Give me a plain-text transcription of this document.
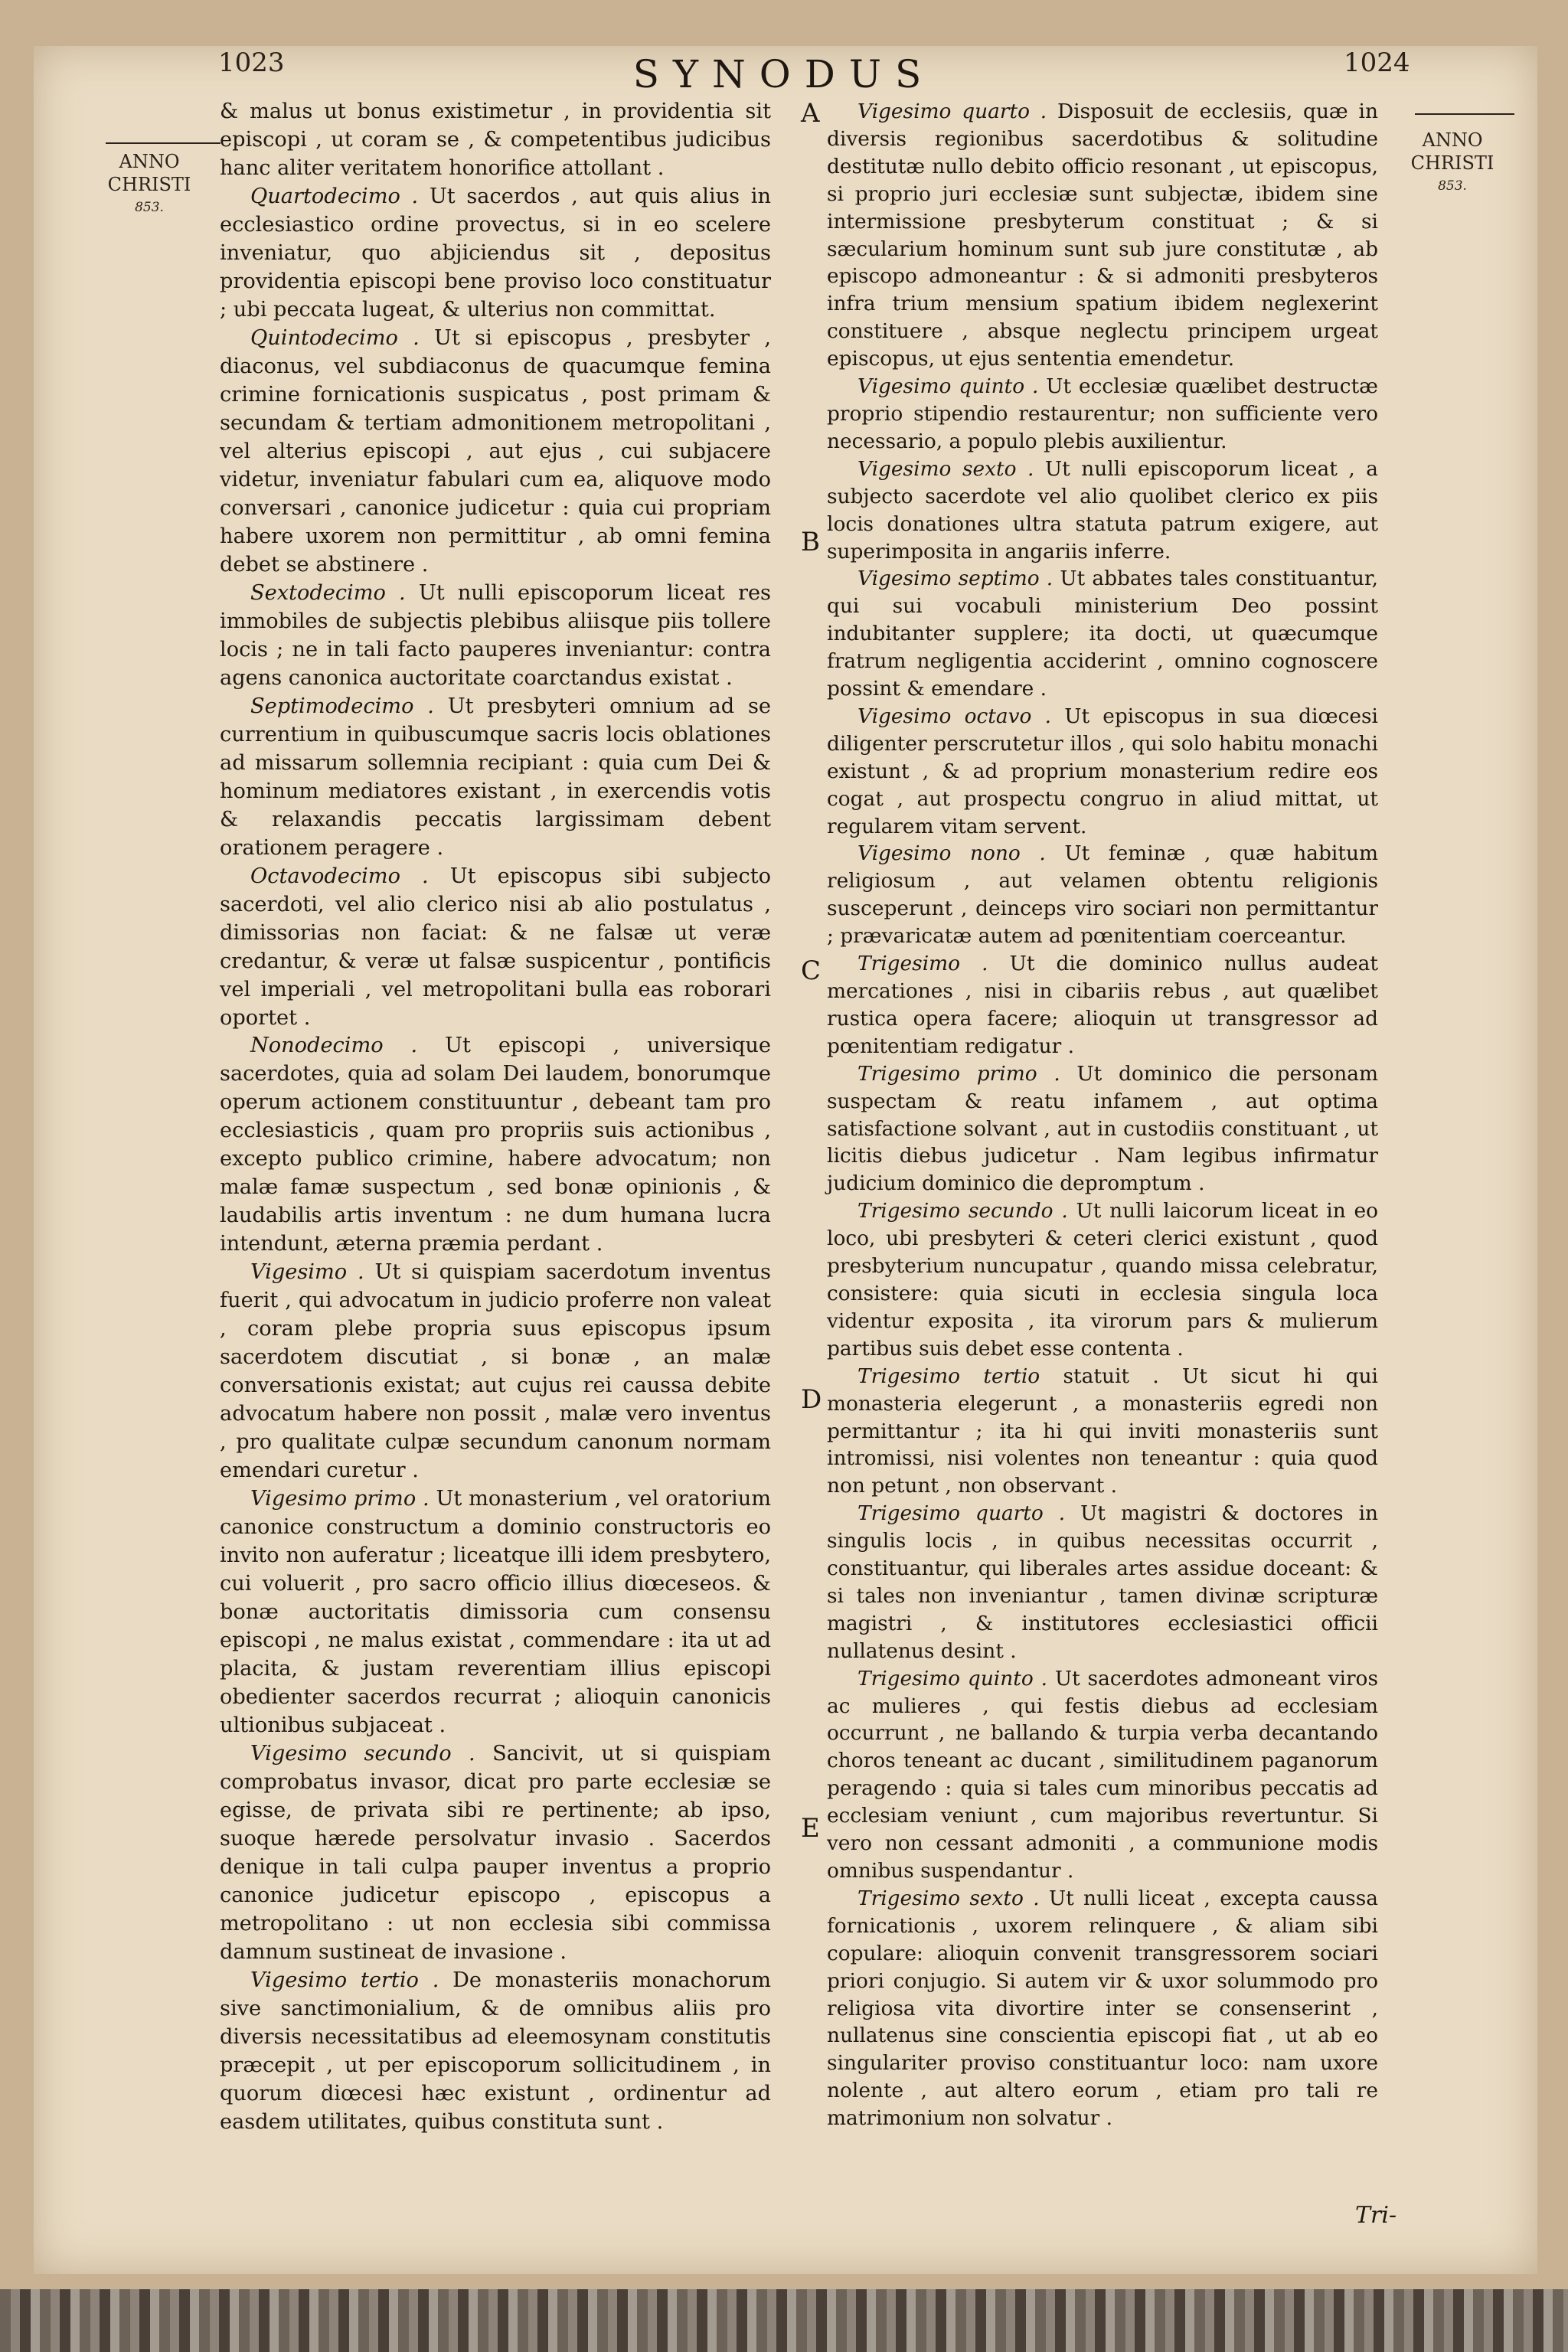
1023	SYNODUS	1024
ANNO
CHRISTI
853.
ANNO
CHRISTI
853.
A
B
C
D
E

& malus ut bonus existimetur , in providentia sit episcopi , ut coram se , & competentibus judicibus hanc aliter veritatem honorifice attollant .

Quartodecimo . Ut sacerdos , aut quis alius in ecclesiastico ordine provectus, si in eo scelere inveniatur, quo abjiciendus sit , depositus providentia episcopi bene proviso loco constituatur ; ubi peccata lugeat, & ulterius non committat.

Quintodecimo . Ut si episcopus , presbyter , diaconus, vel subdiaconus de quacumque femina crimine fornicationis suspicatus , post primam & secundam & tertiam admonitionem metropolitani , vel alterius episcopi , aut ejus , cui subjacere videtur, inveniatur fabulari cum ea, aliquove modo conversari , canonice judicetur : quia cui propriam habere uxorem non permittitur , ab omni femina debet se abstinere .

Sextodecimo . Ut nulli episcoporum liceat res immobiles de subjectis plebibus aliisque piis tollere locis ; ne in tali facto pauperes inveniantur: contra agens canonica auctoritate coarctandus existat .

Septimodecimo . Ut presbyteri omnium ad se currentium in quibuscumque sacris locis oblationes ad missarum sollemnia recipiant : quia cum Dei & hominum mediatores existant , in exercendis votis & relaxandis peccatis largissimam debent orationem peragere .

Octavodecimo . Ut episcopus sibi subjecto sacerdoti, vel alio clerico nisi ab alio postulatus , dimissorias non faciat: & ne falsæ ut veræ credantur, & veræ ut falsæ suspicentur , pontificis vel imperiali , vel metropolitani bulla eas roborari oportet .

Nonodecimo . Ut episcopi , universique sacerdotes, quia ad solam Dei laudem, bonorumque operum actionem constituuntur , debeant tam pro ecclesiasticis , quam pro propriis suis actionibus , excepto publico crimine, habere advocatum; non malæ famæ suspectum , sed bonæ opinionis , & laudabilis artis inventum : ne dum humana lucra intendunt, æterna præmia perdant .

Vigesimo . Ut si quispiam sacerdotum inventus fuerit , qui advocatum in judicio proferre non valeat , coram plebe propria suus episcopus ipsum sacerdotem discutiat , si bonæ , an malæ conversationis existat; aut cujus rei caussa debite advocatum habere non possit , malæ vero inventus , pro qualitate culpæ secundum canonum normam emendari curetur .

Vigesimo primo . Ut monasterium , vel oratorium canonice constructum a dominio constructoris eo invito non auferatur ; liceatque illi idem presbytero, cui voluerit , pro sacro officio illius diœceseos. & bonæ auctoritatis dimissoria cum consensu episcopi , ne malus existat , commendare : ita ut ad placita, & justam reverentiam illius episcopi obedienter sacerdos recurrat ; alioquin canonicis ultionibus subjaceat .

Vigesimo secundo . Sancivit, ut si quispiam comprobatus invasor, dicat pro parte ecclesiæ se egisse, de privata sibi re pertinente; ab ipso, suoque hærede persolvatur invasio . Sacerdos denique in tali culpa pauper inventus a proprio canonice judicetur episcopo , episcopus a metropolitano : ut non ecclesia sibi commissa damnum sustineat de invasione .

Vigesimo tertio . De monasteriis monachorum sive sanctimonialium, & de omnibus aliis pro diversis necessitatibus ad eleemosynam constitutis præcepit , ut per episcoporum sollicitudinem , in quorum diœcesi hæc existunt , ordinentur ad easdem utilitates, quibus constituta sunt .

Vigesimo quarto . Disposuit de ecclesiis, quæ in diversis regionibus sacerdotibus & solitudine destitutæ nullo debito officio resonant , ut episcopus, si proprio juri ecclesiæ sunt subjectæ, ibidem sine intermissione presbyterum constituat ; & si sæcularium hominum sunt sub jure constitutæ , ab episcopo admoneantur : & si admoniti presbyteros infra trium mensium spatium ibidem neglexerint constituere , absque neglectu principem urgeat episcopus, ut ejus sententia emendetur.

Vigesimo quinto . Ut ecclesiæ quælibet destructæ proprio stipendio restaurentur; non sufficiente vero necessario, a populo plebis auxilientur.

Vigesimo sexto . Ut nulli episcoporum liceat , a subjecto sacerdote vel alio quolibet clerico ex piis locis donationes ultra statuta patrum exigere, aut superimposita in angariis inferre.

Vigesimo septimo . Ut abbates tales constituantur, qui sui vocabuli ministerium Deo possint indubitanter supplere; ita docti, ut quæcumque fratrum negligentia acciderint , omnino cognoscere possint & emendare .

Vigesimo octavo . Ut episcopus in sua diœcesi diligenter perscrutetur illos , qui solo habitu monachi existunt , & ad proprium monasterium redire eos cogat , aut prospectu congruo in aliud mittat, ut regularem vitam servent.

Vigesimo nono . Ut feminæ , quæ habitum religiosum , aut velamen obtentu religionis susceperunt , deinceps viro sociari non permittantur ; prævaricatæ autem ad pœnitentiam coerceantur.

Trigesimo . Ut die dominico nullus audeat mercationes , nisi in cibariis rebus , aut quælibet rustica opera facere; alioquin ut transgressor ad pœnitentiam redigatur .

Trigesimo primo . Ut dominico die personam suspectam & reatu infamem , aut optima satisfactione solvant , aut in custodiis constituant , ut licitis diebus judicetur . Nam legibus infirmatur judicium dominico die depromptum .

Trigesimo secundo . Ut nulli laicorum liceat in eo loco, ubi presbyteri & ceteri clerici existunt , quod presbyterium nuncupatur , quando missa celebratur, consistere: quia sicuti in ecclesia singula loca videntur exposita , ita virorum pars & mulierum partibus suis debet esse contenta .

Trigesimo tertio statuit . Ut sicut hi qui monasteria elegerunt , a monasteriis egredi non permittantur ; ita hi qui inviti monasteriis sunt intromissi, nisi volentes non teneantur : quia quod non petunt , non observant .

Trigesimo quarto . Ut magistri & doctores in singulis locis , in quibus necessitas occurrit , constituantur, qui liberales artes assidue doceant: & si tales non inveniantur , tamen divinæ scripturæ magistri , & institutores ecclesiastici officii nullatenus desint .

Trigesimo quinto . Ut sacerdotes admoneant viros ac mulieres , qui festis diebus ad ecclesiam occurrunt , ne ballando & turpia verba decantando choros teneant ac ducant , similitudinem paganorum peragendo : quia si tales cum minoribus peccatis ad ecclesiam veniunt , cum majoribus revertuntur. Si vero non cessant admoniti , a communione modis omnibus suspendantur .

Trigesimo sexto . Ut nulli liceat , excepta caussa fornicationis , uxorem relinquere , & aliam sibi copulare: alioquin convenit transgressorem sociari priori conjugio. Si autem vir & uxor solummodo pro religiosa vita divortire inter se consenserint , nullatenus sine conscientia episcopi fiat , ut ab eo singulariter proviso constituantur loco: nam uxore nolente , aut altero eorum , etiam pro tali re matrimonium non solvatur .

Tri-
